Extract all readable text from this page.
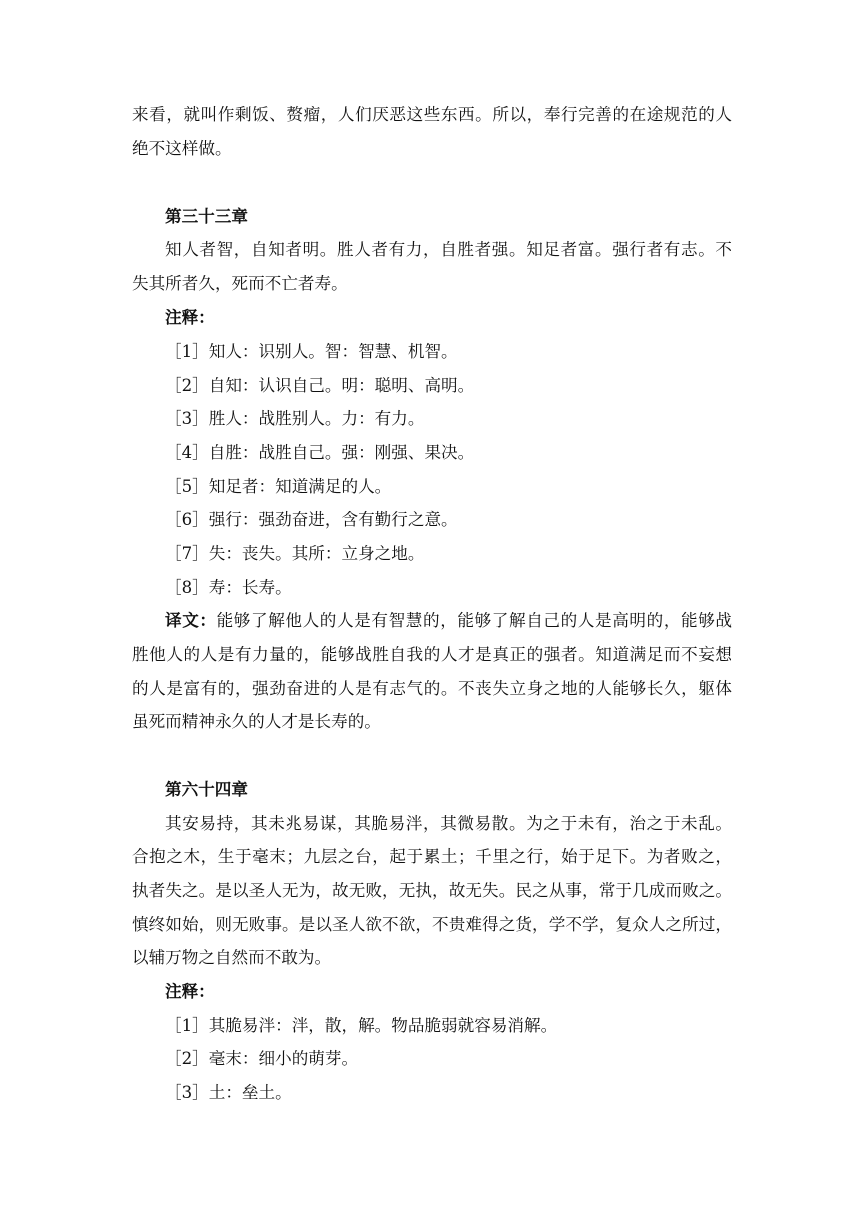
来看，就叫作剩饭、赘瘤，人们厌恶这些东西。所以，奉行完善的在途规范的人
绝不这样做。
第三十三章
知人者智，自知者明。胜人者有力，自胜者强。知足者富。强行者有志。不
失其所者久，死而不亡者寿。
注释：
［1］知人：识别人。智：智慧、机智。
［2］自知：认识自己。明：聪明、高明。
［3］胜人：战胜别人。力：有力。
［4］自胜：战胜自己。强：刚强、果决。
［5］知足者：知道满足的人。
［6］强行：强劲奋进，含有勤行之意。
［7］失：丧失。其所：立身之地。
［8］寿：长寿。
译文：能够了解他人的人是有智慧的，能够了解自己的人是高明的，能够战
胜他人的人是有力量的，能够战胜自我的人才是真正的强者。知道满足而不妄想
的人是富有的，强劲奋进的人是有志气的。不丧失立身之地的人能够长久，躯体
虽死而精神永久的人才是长寿的。
第六十四章
其安易持，其未兆易谋，其脆易泮，其微易散。为之于未有，治之于未乱。
合抱之木，生于毫末；九层之台，起于累土；千里之行，始于足下。为者败之，
执者失之。是以圣人无为，故无败，无执，故无失。民之从事，常于几成而败之。
慎终如始，则无败事。是以圣人欲不欲，不贵难得之货，学不学，复众人之所过，
以辅万物之自然而不敢为。
注释：
［1］其脆易泮：泮，散，解。物品脆弱就容易消解。
［2］毫末：细小的萌芽。
［3］土：垒土。
